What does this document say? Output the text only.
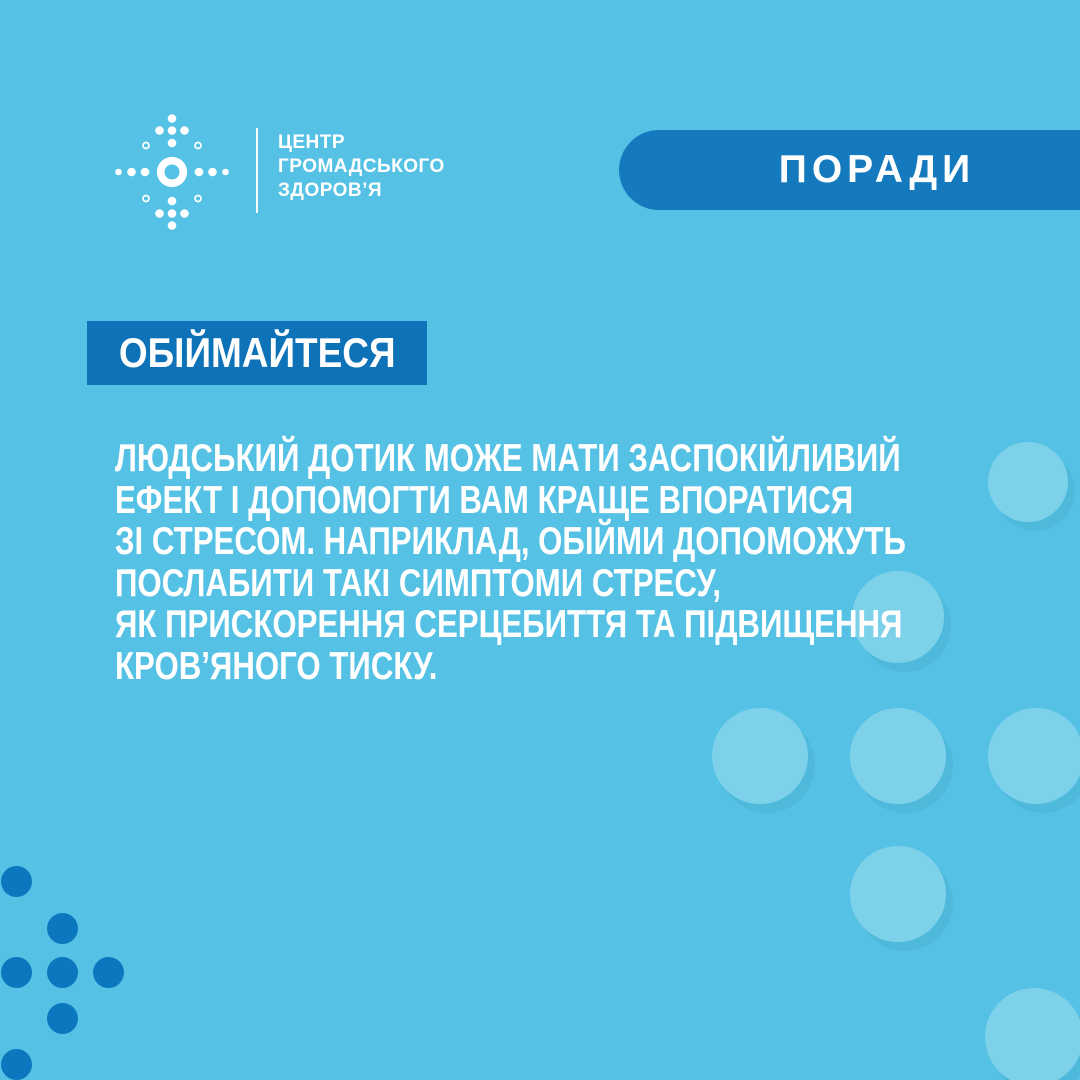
ЦЕНТР
ГРОМАДСЬКОГО
ЗДОРОВ’Я	ПОРАДИ
ОБІЙМАЙТЕСЯ
ЛЮДСЬКИЙ ДОТИК МОЖЕ МАТИ ЗАСПОКІЙЛИВИЙ
ЕФЕКТ І ДОПОМОГТИ ВАМ КРАЩЕ ВПОРАТИСЯ
ЗІ СТРЕСОМ. НАПРИКЛАД, ОБІЙМИ ДОПОМОЖУТЬ
ПОСЛАБИТИ ТАКІ СИМПТОМИ СТРЕСУ,
ЯК ПРИСКОРЕННЯ СЕРЦЕБИТТЯ ТА ПІДВИЩЕННЯ
КРОВ’ЯНОГО ТИСКУ.
